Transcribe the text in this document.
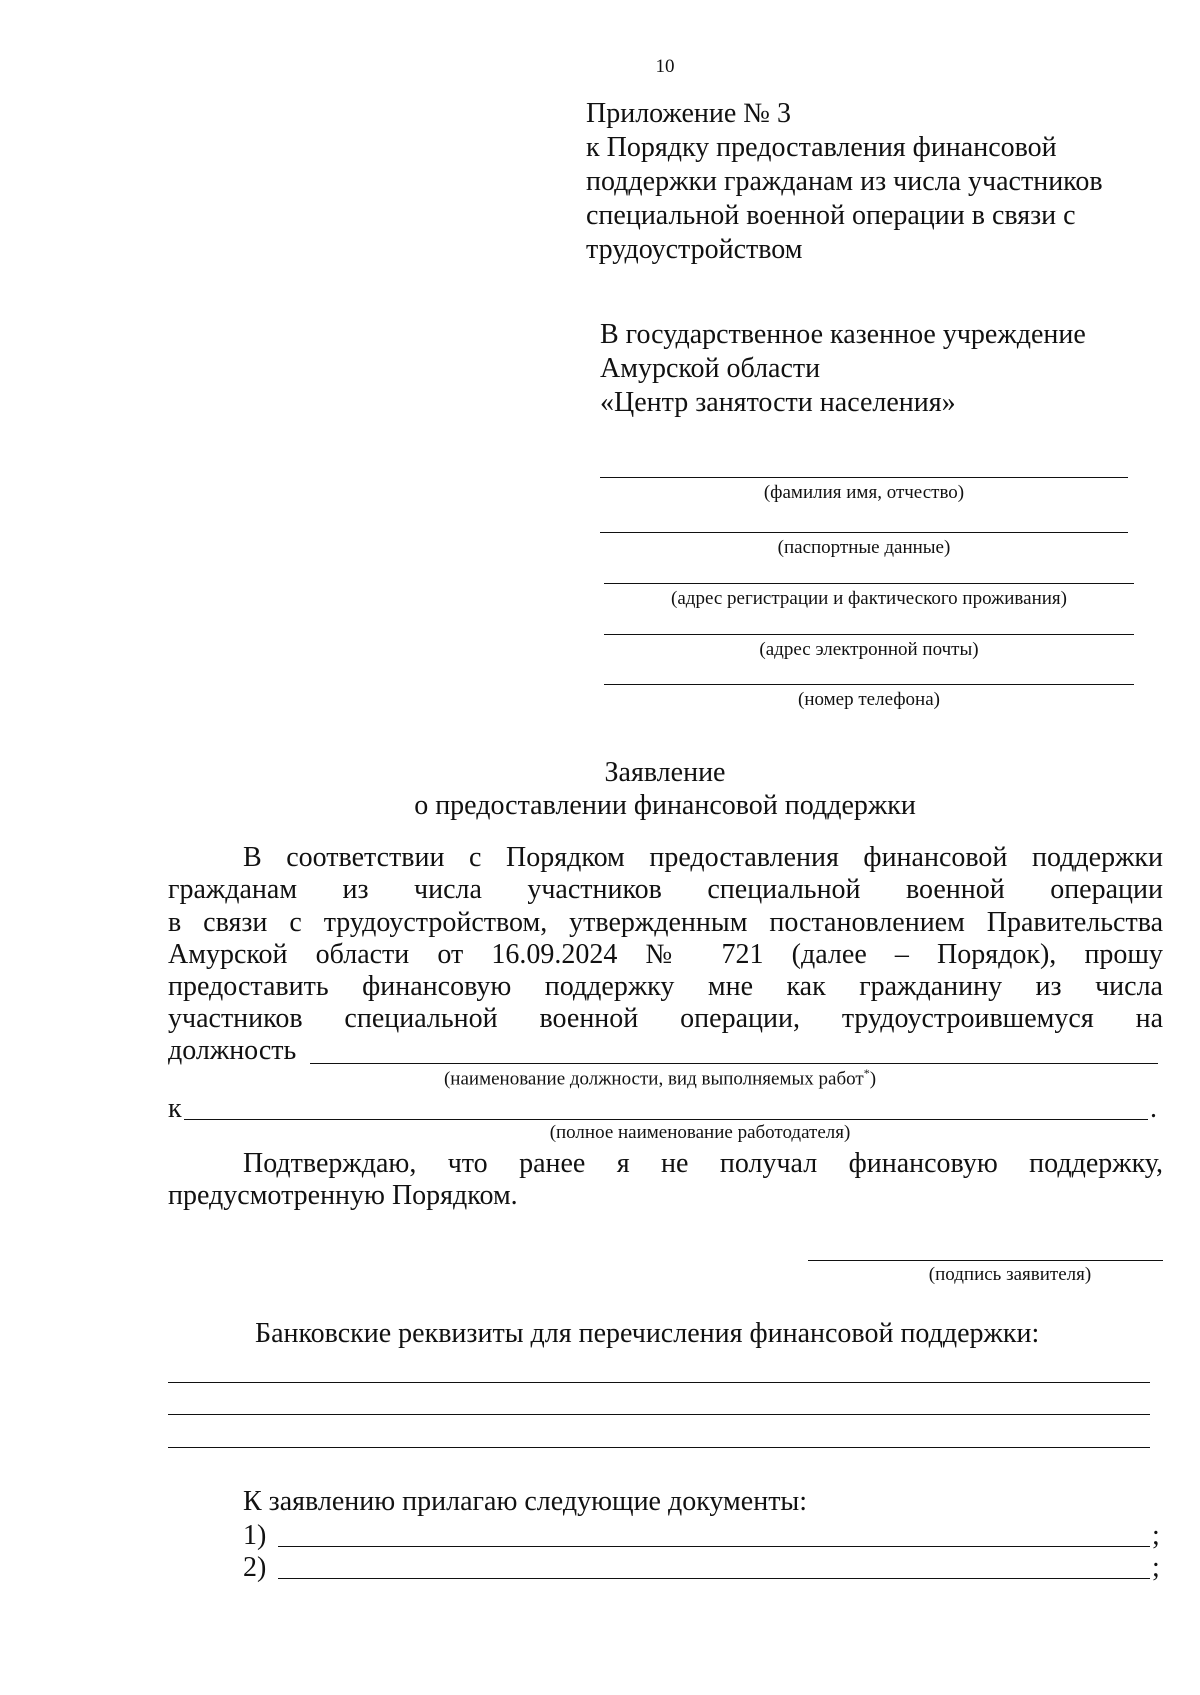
10
Приложение № 3
к Порядку предоставления финансовой
поддержки гражданам из числа участников
специальной военной операции в связи с
трудоустройством
В государственное казенное учреждение
Амурской области
«Центр занятости населения»
(фамилия имя, отчество)
(паспортные данные)
(адрес регистрации и фактического проживания)
(адрес электронной почты)
(номер телефона)
Заявление
о предоставлении финансовой поддержки
В соответствии с Порядком предоставления финансовой поддержки
гражданам из числа участников специальной военной операции
в связи с трудоустройством, утвержденным постановлением Правительства
Амурской области от 16.09.2024 № 721 (далее – Порядок), прошу
предоставить финансовую поддержку мне как гражданину из числа
участников специальной военной операции, трудоустроившемуся на
должность
(наименование должности, вид выполняемых работ*)
к	.
(полное наименование работодателя)
Подтверждаю, что ранее я не получал финансовую поддержку,
предусмотренную Порядком.
(подпись заявителя)
Банковские реквизиты для перечисления финансовой поддержки:
К заявлению прилагаю следующие документы:
1)	;
2)	;
